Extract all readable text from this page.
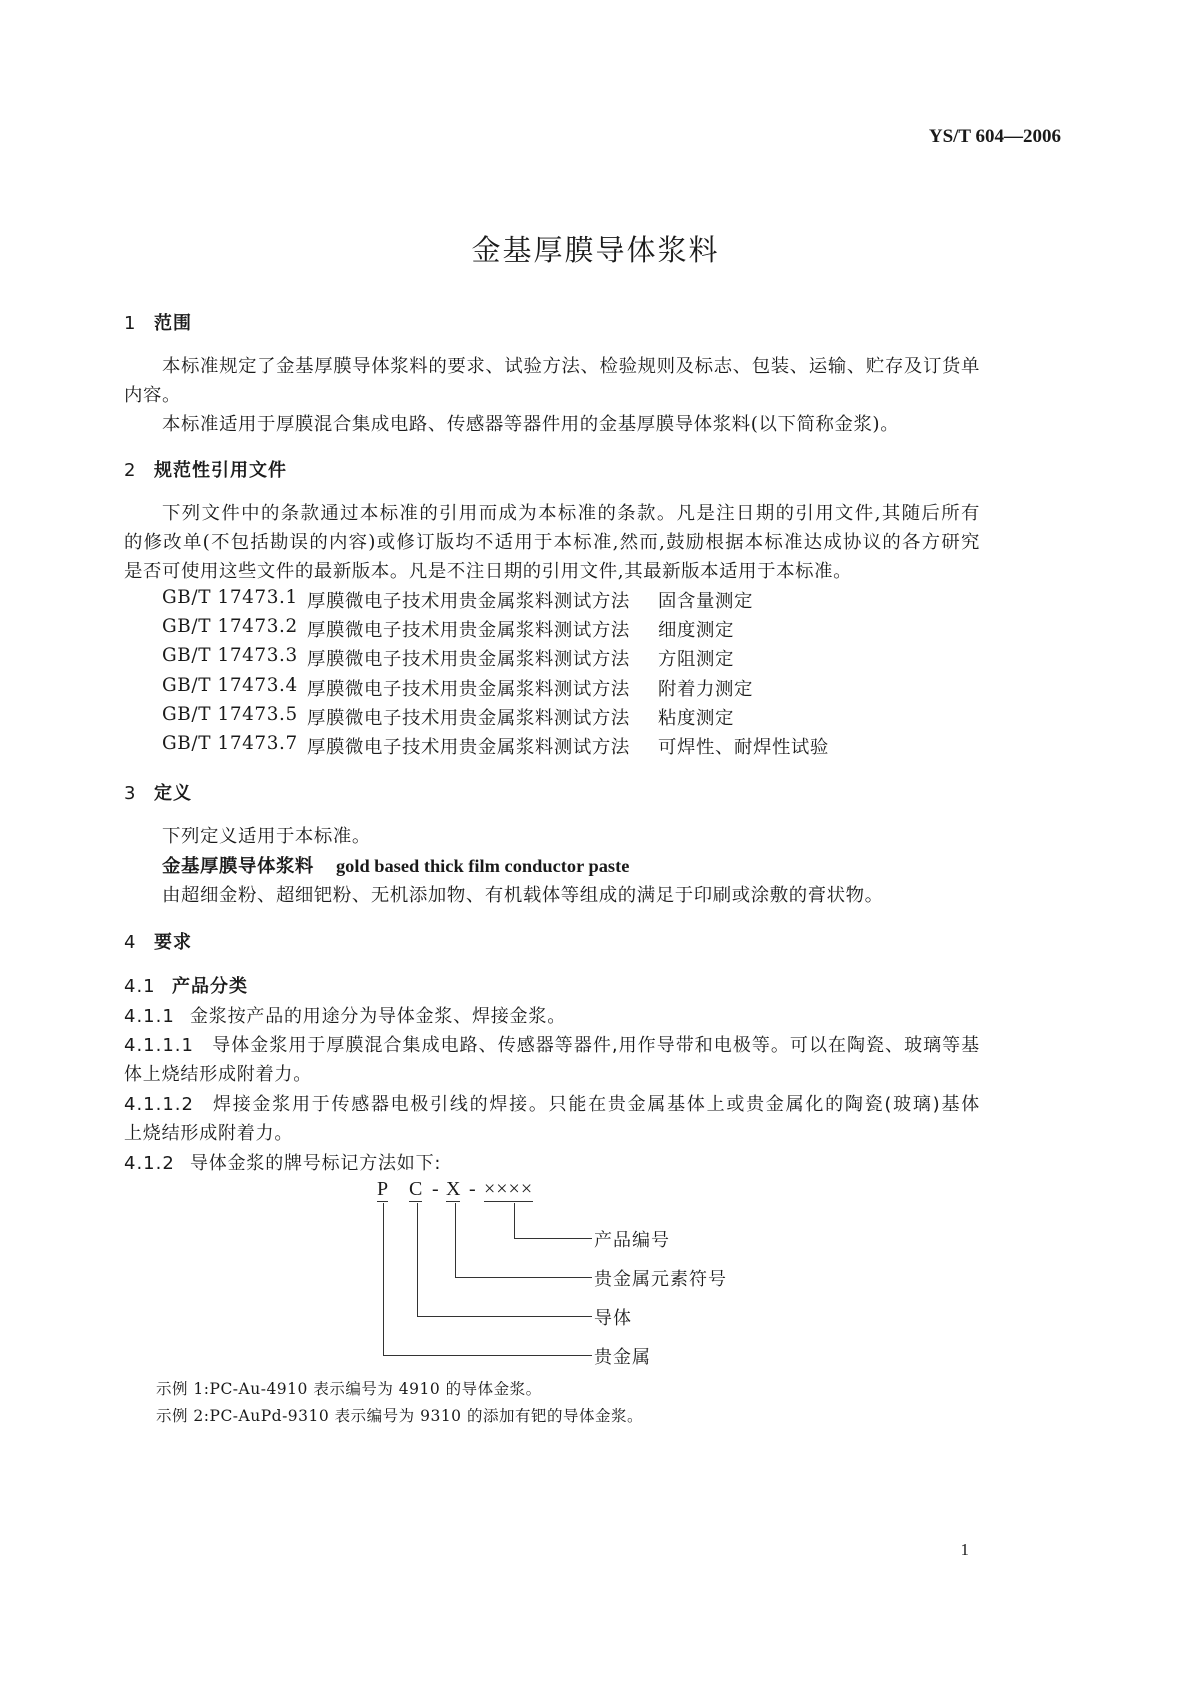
YS/T 604—2006
金基厚膜导体浆料
1 范围
本标准规定了金基厚膜导体浆料的要求、试验方法、检验规则及标志、包装、运输、贮存及订货单
内容。
本标准适用于厚膜混合集成电路、传感器等器件用的金基厚膜导体浆料(以下简称金浆)。
2 规范性引用文件
下列文件中的条款通过本标准的引用而成为本标准的条款。凡是注日期的引用文件,其随后所有
的修改单(不包括勘误的内容)或修订版均不适用于本标准,然而,鼓励根据本标准达成协议的各方研究
是否可使用这些文件的最新版本。凡是不注日期的引用文件,其最新版本适用于本标准。
GB/T 17473.1 厚膜微电子技术用贵金属浆料测试方法 固含量测定
GB/T 17473.2 厚膜微电子技术用贵金属浆料测试方法 细度测定
GB/T 17473.3 厚膜微电子技术用贵金属浆料测试方法 方阻测定
GB/T 17473.4 厚膜微电子技术用贵金属浆料测试方法 附着力测定
GB/T 17473.5 厚膜微电子技术用贵金属浆料测试方法 粘度测定
GB/T 17473.7 厚膜微电子技术用贵金属浆料测试方法 可焊性、耐焊性试验
3 定义
下列定义适用于本标准。
金基厚膜导体浆料 gold based thick film conductor paste
由超细金粉、超细钯粉、无机添加物、有机载体等组成的满足于印刷或涂敷的膏状物。
4 要求
4.1 产品分类
4.1.1 金浆按产品的用途分为导体金浆、焊接金浆。
4.1.1.1 导体金浆用于厚膜混合集成电路、传感器等器件,用作导带和电极等。可以在陶瓷、玻璃等基
体上烧结形成附着力。
4.1.1.2 焊接金浆用于传感器电极引线的焊接。只能在贵金属基体上或贵金属化的陶瓷(玻璃)基体
上烧结形成附着力。
4.1.2 导体金浆的牌号标记方法如下:
P C - X - ××××
产品编号
贵金属元素符号
导体
贵金属
示例 1:PC-Au-4910 表示编号为 4910 的导体金浆。
示例 2:PC-AuPd-9310 表示编号为 9310 的添加有钯的导体金浆。
1
